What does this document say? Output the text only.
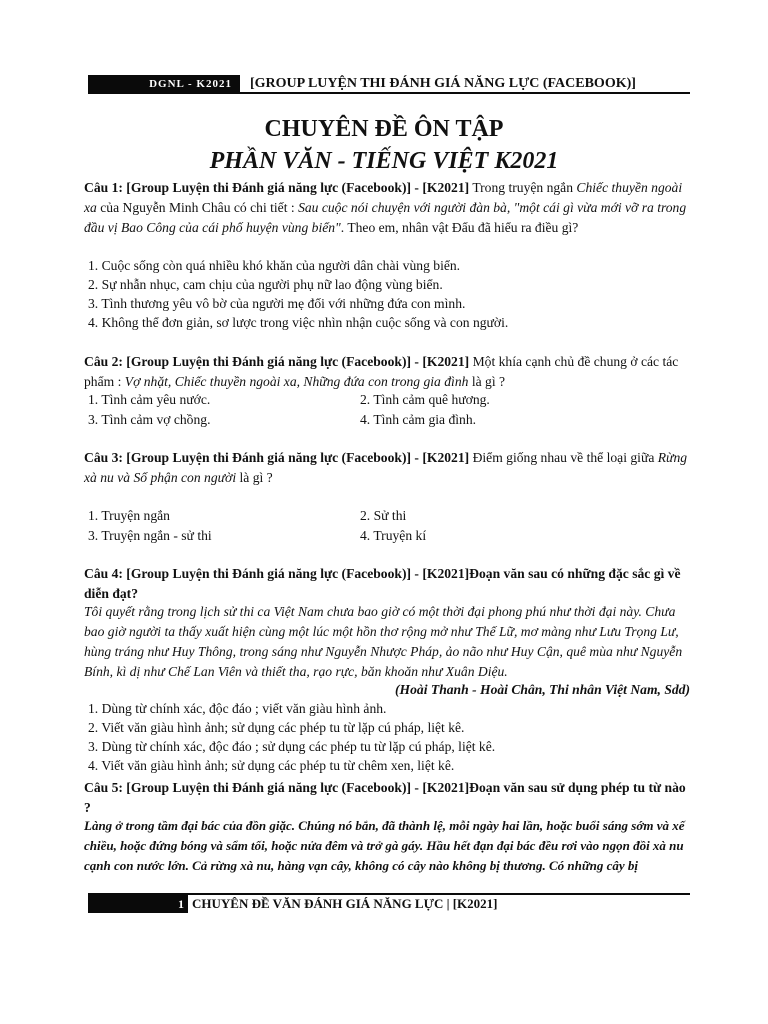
DGNL - K2021	[GROUP LUYỆN THI ĐÁNH GIÁ NĂNG LỰC (FACEBOOK)]
CHUYÊN ĐỀ ÔN TẬP
PHẦN VĂN - TIẾNG VIỆT K2021
Câu 1: [Group Luyện thi Đánh giá năng lực (Facebook)] - [K2021] Trong truyện ngắn Chiếc thuyền ngoài xa của Nguyễn Minh Châu có chi tiết : Sau cuộc nói chuyện với người đàn bà, "một cái gì vừa mới vỡ ra trong đầu vị Bao Công của cái phố huyện vùng biển". Theo em, nhân vật Đẩu đã hiểu ra điều gì?
1. Cuộc sống còn quá nhiều khó khăn của người dân chài vùng biển.
2. Sự nhẫn nhục, cam chịu của người phụ nữ lao động vùng biển.
3. Tình thương yêu vô bờ của người mẹ đối với những đứa con mình.
4. Không thể đơn giản, sơ lược trong việc nhìn nhận cuộc sống và con người.
Câu 2: [Group Luyện thi Đánh giá năng lực (Facebook)] - [K2021] Một khía cạnh chủ đề chung ở các tác phẩm : Vợ nhặt, Chiếc thuyền ngoài xa, Những đứa con trong gia đình là gì ?
1. Tình cảm yêu nước.	2. Tình cảm quê hương.
3. Tình cảm vợ chồng.	4. Tình cảm gia đình.
Câu 3: [Group Luyện thi Đánh giá năng lực (Facebook)] - [K2021] Điểm giống nhau về thể loại giữa Rừng xà nu và Số phận con người là gì ?
1. Truyện ngắn	2. Sử thi
3. Truyện ngắn - sử thi	4. Truyện kí
Câu 4: [Group Luyện thi Đánh giá năng lực (Facebook)] - [K2021]Đoạn văn sau có những đặc sắc gì về diễn đạt?
Tôi quyết rằng trong lịch sử thi ca Việt Nam chưa bao giờ có một thời đại phong phú như thời đại này. Chưa bao giờ người ta thấy xuất hiện cùng một lúc một hồn thơ rộng mở như Thế Lữ, mơ màng như Lưu Trọng Lư, hùng tráng như Huy Thông, trong sáng như Nguyễn Nhược Pháp, ảo não như Huy Cận, quê mùa như Nguyễn Bính, kì dị như Chế Lan Viên và thiết tha, rạo rực, băn khoăn như Xuân Diệu.
(Hoài Thanh - Hoài Chân, Thi nhân Việt Nam, Sdd)
1. Dùng từ chính xác, độc đáo ; viết văn giàu hình ảnh.
2. Viết văn giàu hình ảnh; sử dụng các phép tu từ lặp cú pháp, liệt kê.
3. Dùng từ chính xác, độc đáo ; sử dụng các phép tu từ lặp cú pháp, liệt kê.
4. Viết văn giàu hình ảnh; sử dụng các phép tu từ chêm xen, liệt kê.
Câu 5: [Group Luyện thi Đánh giá năng lực (Facebook)] - [K2021]Đoạn văn sau sử dụng phép tu từ nào ?
Làng ở trong tầm đại bác của đồn giặc. Chúng nó bắn, đã thành lệ, mỗi ngày hai lần, hoặc buổi sáng sớm và xế chiều, hoặc đứng bóng và sẩm tối, hoặc nửa đêm và trở gà gáy. Hầu hết đạn đại bác đều rơi vào ngọn đồi xà nu cạnh con nước lớn. Cả rừng xà nu, hàng vạn cây, không có cây nào không bị thương. Có những cây bị
1 CHUYÊN ĐỀ VĂN ĐÁNH GIÁ NĂNG LỰC | [K2021]
